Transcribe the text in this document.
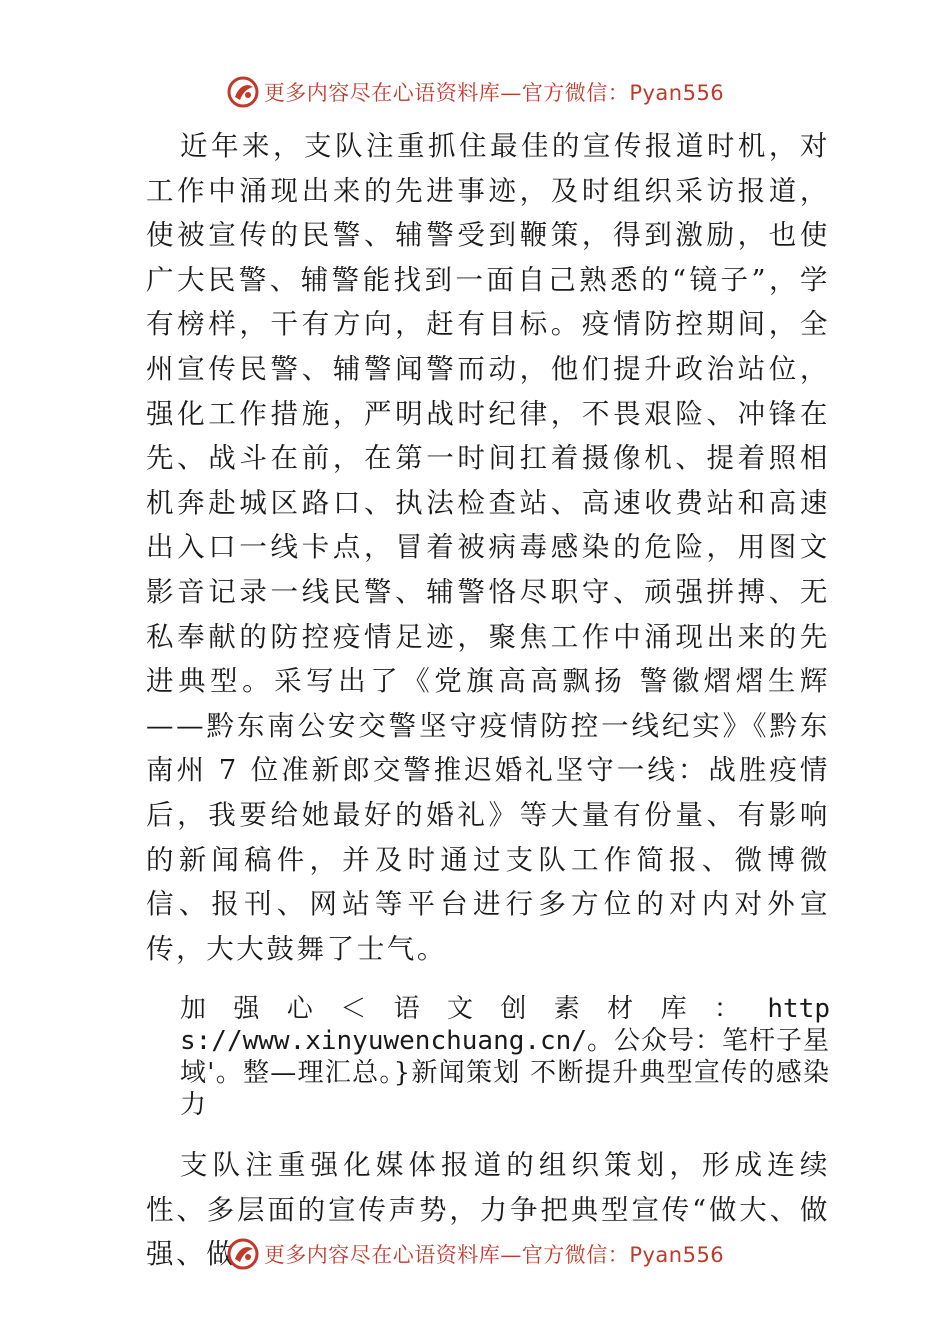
更多内容尽在心语资料库—官方微信：Pyan556

近年来，支队注重抓住最佳的宣传报道时机，对工作中涌现出来的先进事迹，及时组织采访报道，使被宣传的民警、辅警受到鞭策，得到激励，也使广大民警、辅警能找到一面自己熟悉的“镜子”，学有榜样，干有方向，赶有目标。疫情防控期间，全州宣传民警、辅警闻警而动，他们提升政治站位，强化工作措施，严明战时纪律，不畏艰险、冲锋在先、战斗在前，在第一时间扛着摄像机、提着照相机奔赴城区路口、执法检查站、高速收费站和高速出入口一线卡点，冒着被病毒感染的危险，用图文影音记录一线民警、辅警恪尽职守、顽强拼搏、无私奉献的防控疫情足迹，聚焦工作中涌现出来的先进典型。采写出了《党旗高高飘扬 警徽熠熠生辉——黔东南公安交警坚守疫情防控一线纪实》《黔东南州 7 位准新郎交警推迟婚礼坚守一线：战胜疫情后，我要给她最好的婚礼》等大量有份量、有影响的新闻稿件，并及时通过支队工作简报、微博微信、报刊、网站等平台进行多方位的对内对外宣传，大大鼓舞了士气。

加强心＜语文创素材库：https://www.xinyuwenchuang.cn/。公众号：笔杆子星域'。整—理汇总。}新闻策划 不断提升典型宣传的感染力

支队注重强化媒体报道的组织策划，形成连续性、多层面的宣传声势，力争把典型宣传“做大、做强、做	更多内容尽在心语资料库—官方微信：Pyan556
